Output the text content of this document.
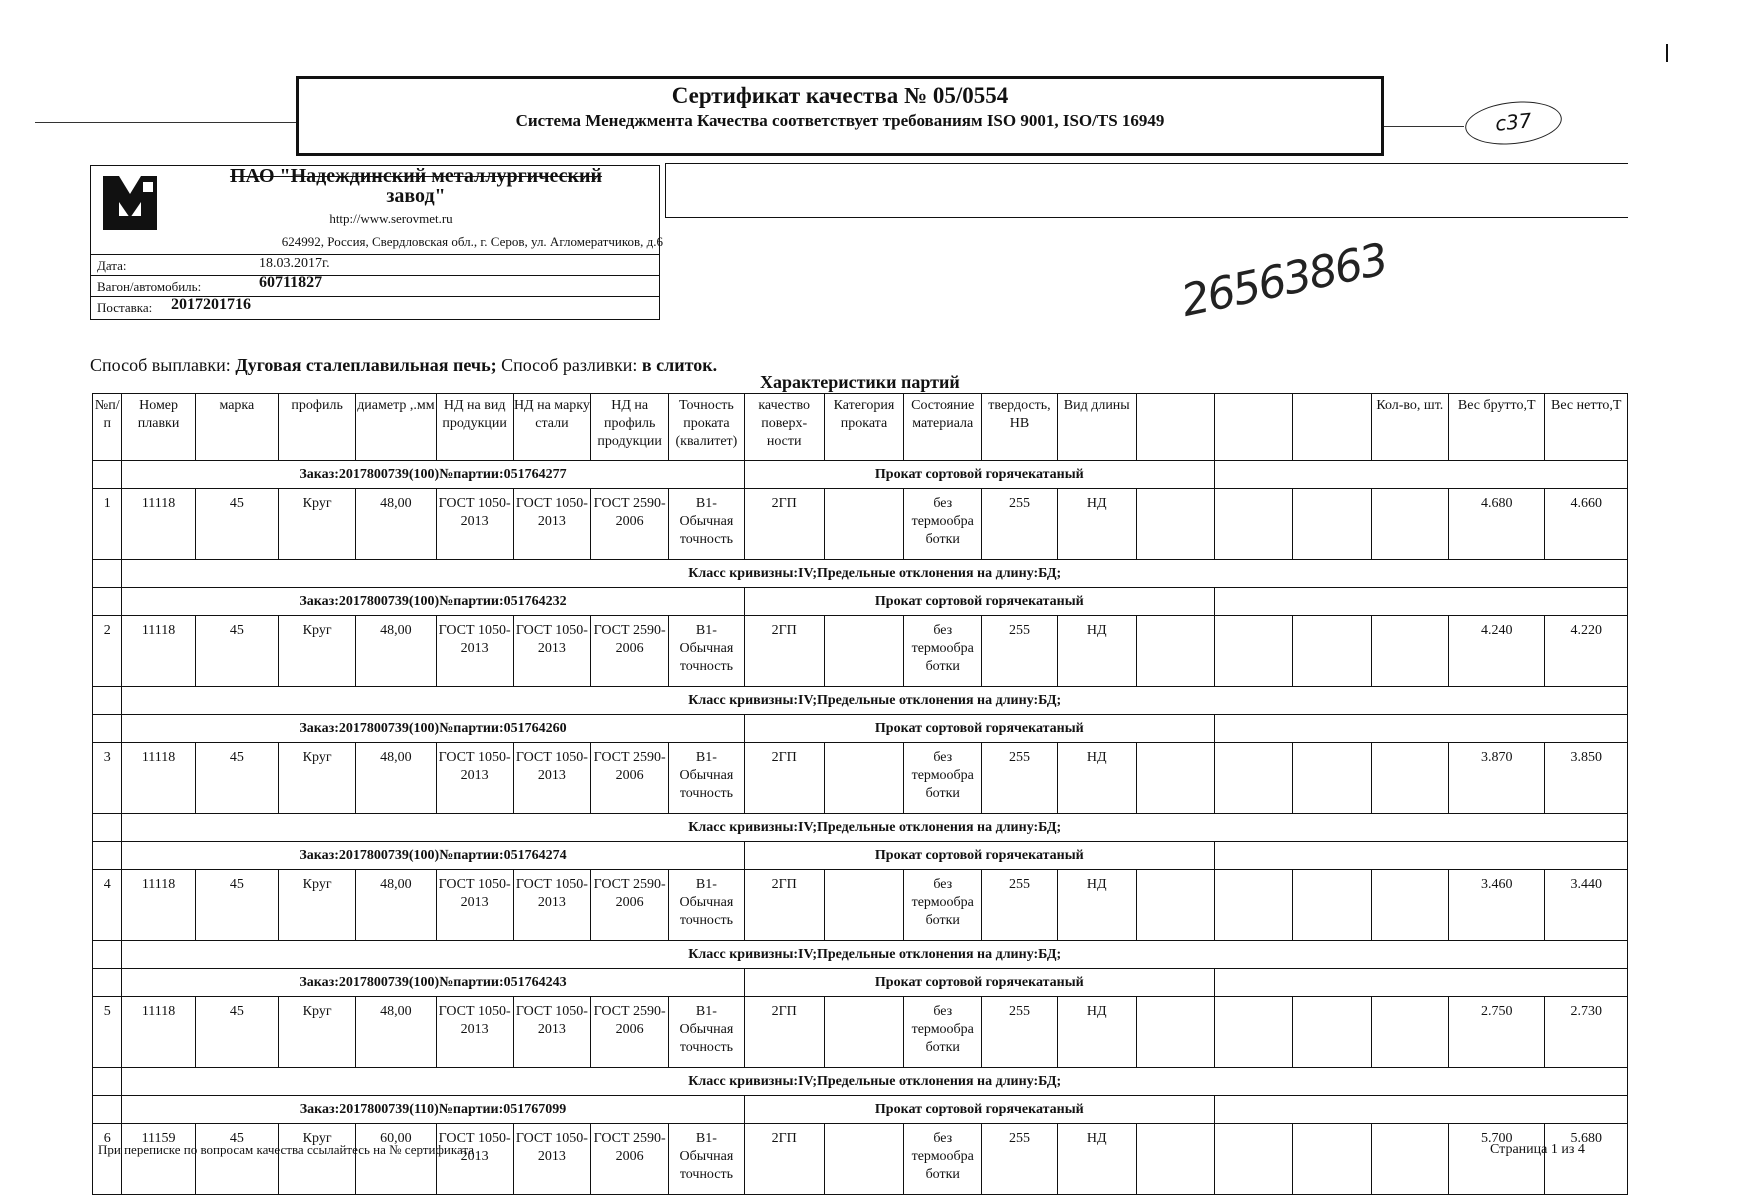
Сертификат качества № 05/0554
Система Менеджмента Качества соответствует требованиям ISO 9001, ISO/TS 16949	с37
ПАО "Надеждинский металлургический
завод"
http://www.serovmet.ru
624992, Россия, Свердловская обл., г. Серов, ул. Агломератчиков, д.6
Дата:	18.03.2017г.
Вагон/автомобиль:	60711827
Поставка: 2017201716	26563863
Способ выплавки: Дуговая сталеплавильная печь; Способ разливки: в слиток.
Характеристики партий
№п/п	Номер плавки	марка	профиль	диаметр ,.мм	НД на вид продукции	НД на марку стали	НД на профиль продукции	Точность проката (квалитет)	качество поверх-ности	Категория проката	Состояние материала	твердость, НВ	Вид длины				Кол-во, шт.	Вес брутто,Т	Вес нетто,Т
	Заказ:2017800739(100)№партии:051764277								Прокат сортовой горячекатаный										
1	11118	45	Круг	48,00	ГОСТ 1050-2013	ГОСТ 1050-2013	ГОСТ 2590-2006	В1-Обычная точность	2ГП		без термообра ботки	255	НД					4.680	4.660
	Класс кривизны:IV;Предельные отклонения на длину:БД;																		
	Заказ:2017800739(100)№партии:051764232								Прокат сортовой горячекатаный										
2	11118	45	Круг	48,00	ГОСТ 1050-2013	ГОСТ 1050-2013	ГОСТ 2590-2006	В1-Обычная точность	2ГП		без термообра ботки	255	НД					4.240	4.220
	Класс кривизны:IV;Предельные отклонения на длину:БД;																		
	Заказ:2017800739(100)№партии:051764260								Прокат сортовой горячекатаный										
3	11118	45	Круг	48,00	ГОСТ 1050-2013	ГОСТ 1050-2013	ГОСТ 2590-2006	В1-Обычная точность	2ГП		без термообра ботки	255	НД					3.870	3.850
	Класс кривизны:IV;Предельные отклонения на длину:БД;																		
	Заказ:2017800739(100)№партии:051764274								Прокат сортовой горячекатаный										
4	11118	45	Круг	48,00	ГОСТ 1050-2013	ГОСТ 1050-2013	ГОСТ 2590-2006	В1-Обычная точность	2ГП		без термообра ботки	255	НД					3.460	3.440
	Класс кривизны:IV;Предельные отклонения на длину:БД;																		
	Заказ:2017800739(100)№партии:051764243								Прокат сортовой горячекатаный										
5	11118	45	Круг	48,00	ГОСТ 1050-2013	ГОСТ 1050-2013	ГОСТ 2590-2006	В1-Обычная точность	2ГП		без термообра ботки	255	НД					2.750	2.730
	Класс кривизны:IV;Предельные отклонения на длину:БД;																		
	Заказ:2017800739(110)№партии:051767099								Прокат сортовой горячекатаный										
6	11159	45	Круг	60,00	ГОСТ 1050-2013	ГОСТ 1050-2013	ГОСТ 2590-2006	В1-Обычная точность	2ГП		без термообра ботки	255	НД					5.700	5.680
При переписке по вопросам качества ссылайтесь на № сертификата	Страница 1 из 4
